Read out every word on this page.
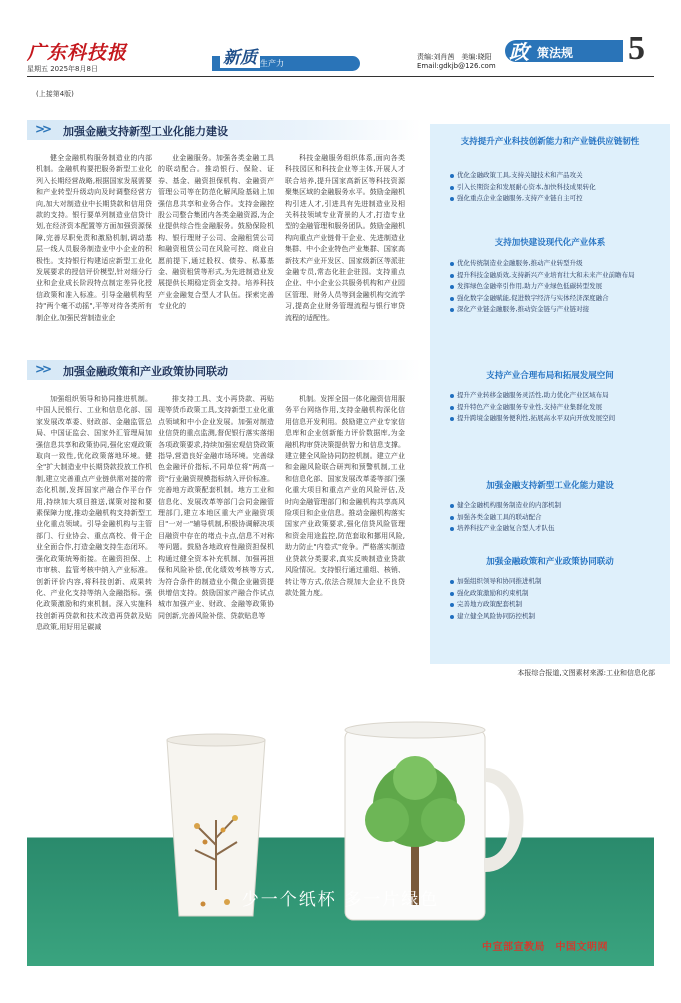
广东科技报
星期五 2025年8月8日
新质 生产力
责编:刘肖茜　美编:晓阳
Email:gdkjb@126.com
政 策法规 5
(上接第4版)
>> 加强金融支持新型工业化能力建设

健全金融机构服务制造业的内部机制。金融机构要把服务新型工业化列入长期经营战略,根据国家发展需要和产业转型升级动向及时调整经营方向,加大对制造业中长期贷款和信用贷款的支持。银行要单列制造业信贷计划,在经济资本配置等方面加强资源保障,完善尽职免责和激励机制,调动基层一线人员服务制造业中小企业的积极性。支持银行构建适应新型工业化发展要求的授信评价模型,针对细分行业和企业成长阶段特点制定差异化授信政策和准入标准。引导金融机构坚持"两个毫不动摇",平等对待各类所有制企业,加强民营制造业企

业金融服务。加强各类金融工具的联动配合。推动银行、保险、证券、基金、融资担保机构、金融资产管理公司等在防范化解风险基础上加强信息共享和业务合作。支持金融控股公司整合集团内各类金融资源,为企业提供综合性金融服务。鼓励保险机构、银行理财子公司、金融租赁公司和融资租赁公司在风险可控、商业自愿前提下,通过股权、债券、私募基金、融资租赁等形式,为先进制造业发展提供长期稳定资金支持。培养科技产业金融复合型人才队伍。探索完善专业化的

科技金融服务组织体系,面向各类科技园区和科技企业等主体,开展人才联合培养,提升国家高新区等科技资源聚集区域的金融服务水平。鼓励金融机构引进人才,引进具有先进制造业及相关科技领域专业背景的人才,打造专业型的金融管理和服务团队。鼓励金融机构向重点产业链骨干企业、先进制造业集群、中小企业特色产业集群、国家高新技术产业开发区、国家级新区等派驻金融专员,常态化驻企驻园。支持重点企业、中小企业公共服务机构和产业园区管理、财务人员等到金融机构交流学习,提高企业财务管理流程与银行审贷流程的适配性。

>> 加强金融政策和产业政策协同联动

加强组织领导和协同推进机制。中国人民银行、工业和信息化部、国家发展改革委、财政部、金融监管总局、中国证监会、国家外汇管理局加强信息共享和政策协同,强化宏观政策取向一致性,优化政策落地环境。健全"扩大制造业中长期贷款投放工作机制,建立完善重点产业链供需对接的常态化机制,发挥国家产融合作平台作用,持续加大项目推送,谋策对接和要素保障力度,推动金融机构支持新型工业化重点领域。引导金融机构与主管部门、行业协会、重点高校、骨干企业全面合作,打造金融支持生态闭环。强化政策统筹衔接。在融资担保、上市审核、监管考核中纳入产业标准。创新评价内容,将科技创新、成果转化、产业化支持等纳入金融指标。强化政策激励和约束机制。深入实施科技创新再贷款和技术改造再贷款及贴息政策,用好用足碳减

排支持工具、支小再贷款、再贴现等货币政策工具,支持新型工业化重点领域和中小企业发展。加强对制造业信贷的重点监测,督促银行落实落细各项政策要求,持续加强宏观信贷政策指导,营造良好金融市场环境。完善绿色金融评价指标,不同单位将"两高一资"行业融资规模指标纳入评价标准。完善地方政策配套机制。地方工业和信息化、发展改革等部门会同金融管理部门,建立本地区重大产业融资项目"一对一"辅导机制,积极协调解决项目融资中存在的堵点卡点,信息不对称等问题。鼓励各地政府性融资担保机构通过健全资本补充机制、加强再担保和风险补偿,优化绩效考核等方式,为符合条件的制造业小微企业融资提供增信支持。鼓励国家产融合作试点城市加强产业、财政、金融等政策协同创新,完善风险补偿、贷款贴息等

机制。发挥全国一体化融资信用服务平台网络作用,支持金融机构深化信用信息开发利用。鼓励建立产业专家信息库和企业创新能力评价数据库,为金融机构审贷决策提供智力和信息支撑。建立健全风险协同防控机制。建立产业和金融风险联合研判和预警机制,工业和信息化部、国家发展改革委等部门强化重大项目和重点产业的风险评估,及时向金融管理部门和金融机构共享高风险项目和企业信息。推动金融机构落实国家产业政策要求,强化信贷风险管理和资金用途监控,防范套取和挪用风险,助力防止"内卷式"竞争。严格落实制造业贷款分类要求,真实反映制造业贷款风险情况。支持银行通过重组、核销、转让等方式,依法合规加大企业不良贷款处置力度。

支持提升产业科技创新能力和产业链供应链韧性
优化金融政策工具,支持关键技术和产品攻关
引入长期资金和发展耐心资本,加快科技成果转化
强化重点企业金融服务,支持产业链自主可控
支持加快建设现代化产业体系
优化传统制造业金融服务,推动产业转型升级
提升科技金融质效,支持新兴产业培育壮大和未来产业前瞻布局
发挥绿色金融牵引作用,助力产业绿色低碳转型发展
强化数字金融赋能,促进数字经济与实体经济深度融合
深化产业链金融服务,推动资金链与产业链对接
支持产业合理布局和拓展发展空间
提升产业转移金融服务灵活性,助力优化产业区域布局
提升特色产业金融服务专业性,支持产业集群化发展
提升跨境金融服务便利性,拓展高水平双向开放发展空间
加强金融支持新型工业化能力建设
健全金融机构服务制造业的内部机制
加强各类金融工具的联动配合
培养科技产业金融复合型人才队伍
加强金融政策和产业政策协同联动
加强组织领导和协同推进机制
强化政策激励和约束机制
完善地方政策配套机制
建立健全风险协同防控机制
本报综合报道,文图素材来源:工业和信息化部
少一个纸杯 多一片绿色
中宣部宣教局　中国文明网
